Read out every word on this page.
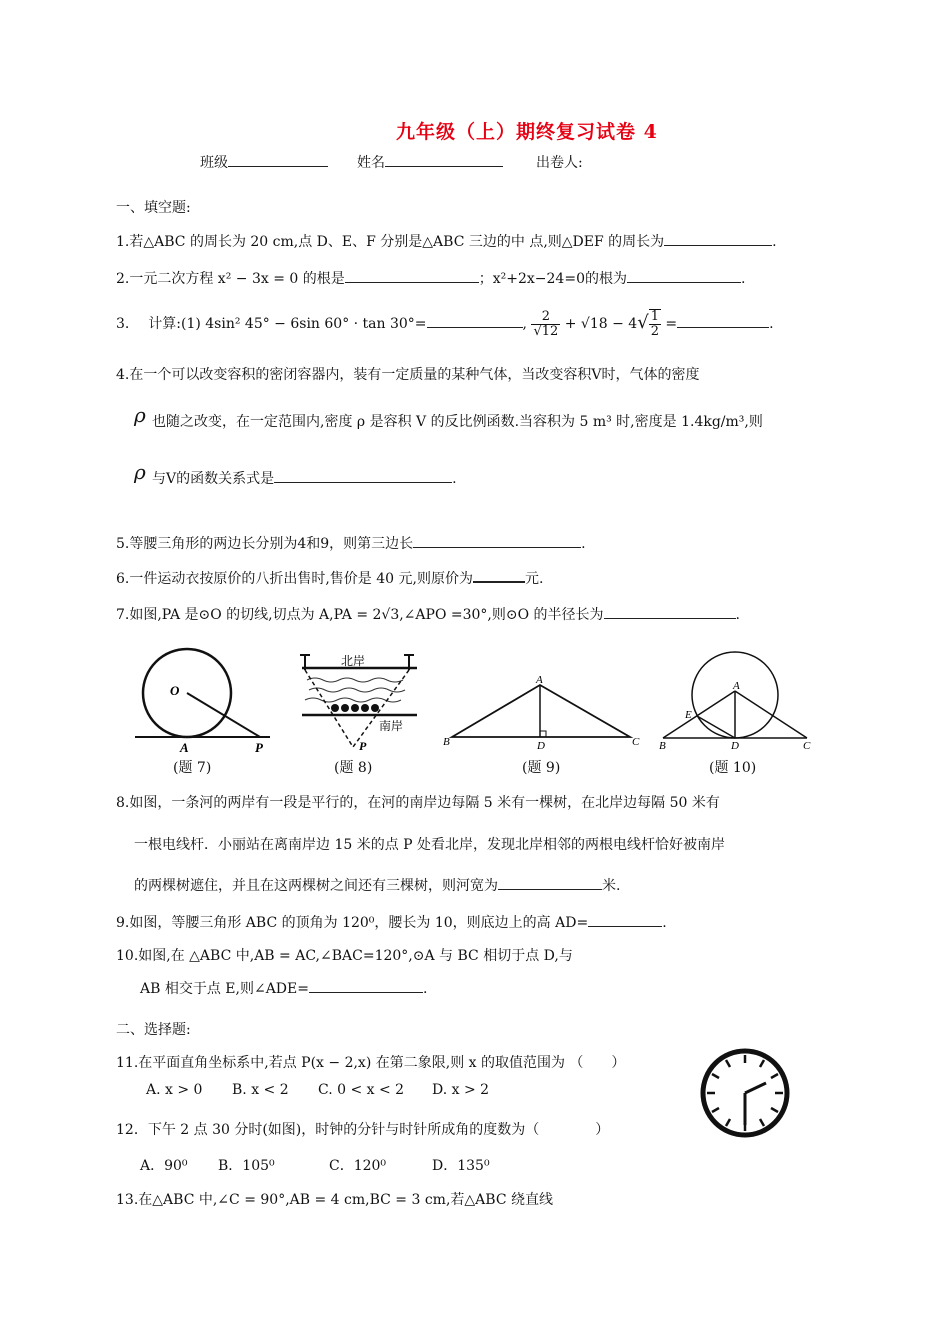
九年级（上）期终复习试卷 4
班级	姓名	出卷人:
一、填空题:
1.若△ABC 的周长为 20 cm,点 D、E、F 分别是△ABC 三边的中 点,则△DEF 的周长为	.
2.一元二次方程 x² − 3x = 0 的根是	；x²+2x−24=0的根为	.
3. 计算:(1) 4sin² 45° − 6sin 60° · tan 30°=	, $\frac{2}{√12} + √18 - 4√ \frac{1}{2}$ =	.
4.在一个可以改变容积的密闭容器内，装有一定质量的某种气体，当改变容积V时，气体的密度
ρ 也随之改变，在一定范围内,密度 ρ 是容积 V 的反比例函数.当容积为 5 m³ 时,密度是 1.4kg/m³,则
ρ 与V的函数关系式是	.
5.等腰三角形的两边长分别为4和9，则第三边长	.
6.一件运动衣按原价的八折出售时,售价是 40 元,则原价为	元.
7.如图,PA 是⊙O 的切线,切点为 A,PA = 2√3,∠APO =30°,则⊙O 的半径长为	.
O
A	P
北岸
南岸
P
A
B	D	C
A
E
B	D	C
(题 7)	(题 8)	(题 9)	(题 10)
8.如图，一条河的两岸有一段是平行的，在河的南岸边每隔 5 米有一棵树，在北岸边每隔 50 米有
一根电线杆．小丽站在离南岸边 15 米的点 P 处看北岸，发现北岸相邻的两根电线杆恰好被南岸
的两棵树遮住，并且在这两棵树之间还有三棵树，则河宽为	米.
9.如图，等腰三角形 ABC 的顶角为 120⁰，腰长为 10，则底边上的高 AD=	.
10.如图,在 △ABC 中,AB = AC,∠BAC=120°,⊙A 与 BC 相切于点 D,与
AB 相交于点 E,则∠ADE=	.
二、选择题:
11.在平面直角坐标系中,若点 P(x − 2,x) 在第二象限,则 x 的取值范围为 （　　）
A. x > 0 B. x < 2 C. 0 < x < 2 D. x > 2
12．下午 2 点 30 分时(如图)，时钟的分针与时针所成角的度数为（　　　　）
A．90⁰ B．105⁰	C．120⁰	D．135⁰
13.在△ABC 中,∠C = 90°,AB = 4 cm,BC = 3 cm,若△ABC 绕直线
